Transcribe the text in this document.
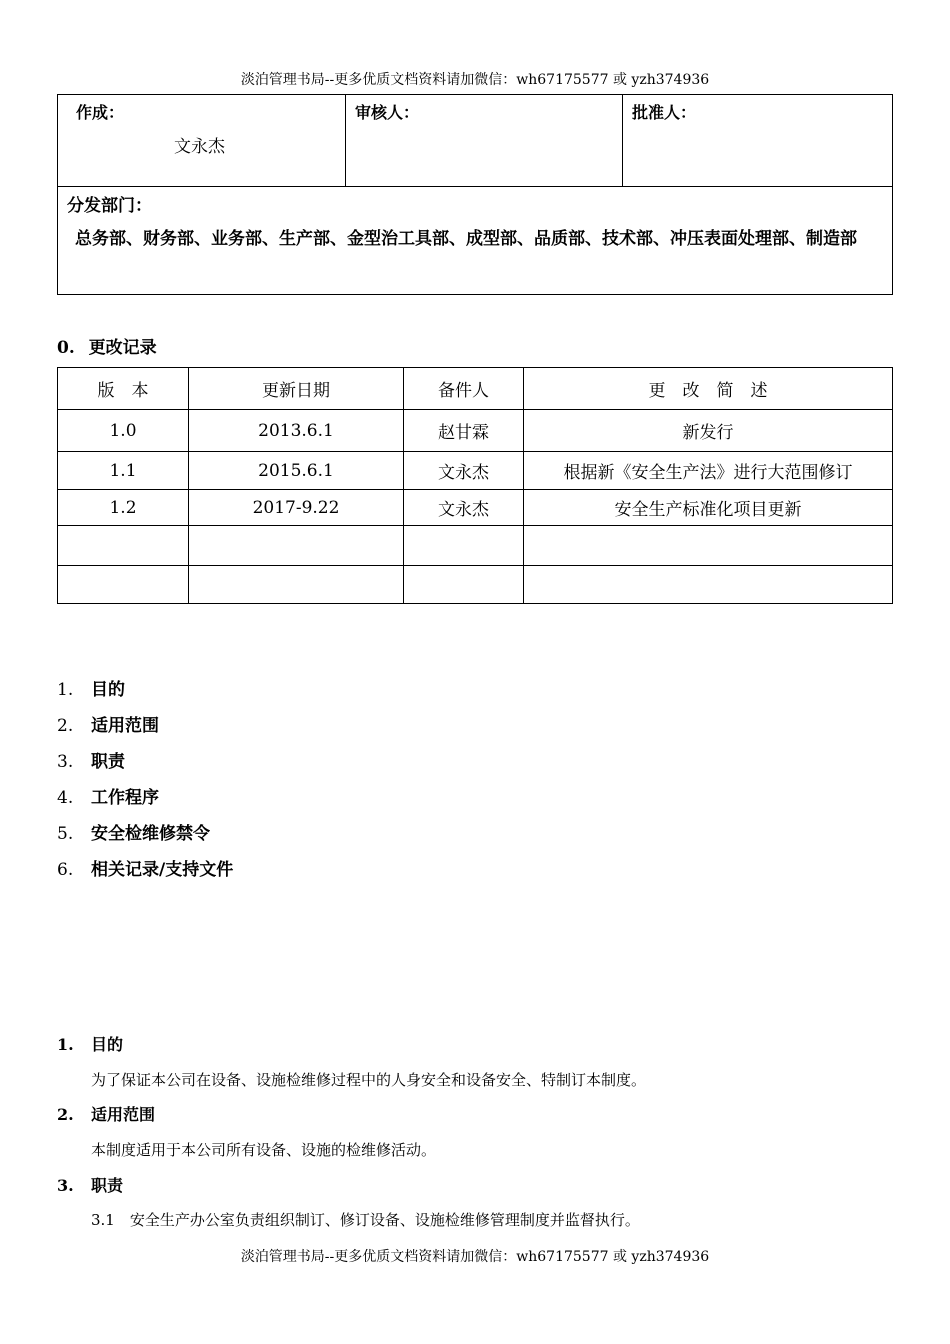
淡泊管理书局--更多优质文档资料请加微信：wh67175577 或 yzh374936
作成：
文永杰

审核人：	批准人：

分发部门：
总务部、财务部、业务部、生产部、金型治工具部、成型部、品质部、技术部、冲压表面处理部、制造部
0. 更改记录
版　本	更新日期	备件人	更　改　简　述
1.0	2013.6.1	赵甘霖	新发行
1.1	2015.6.1	文永杰	根据新《安全生产法》进行大范围修订
1.2	2017-9.22	文永杰	安全生产标准化项目更新

1. 目的
2. 适用范围
3. 职责
4. 工作程序
5. 安全检维修禁令
6. 相关记录/支持文件
1. 目的
为了保证本公司在设备、设施检维修过程中的人身安全和设备安全、特制订本制度。
2. 适用范围
本制度适用于本公司所有设备、设施的检维修活动。
3. 职责
3.1　安全生产办公室负责组织制订、修订设备、设施检维修管理制度并监督执行。
淡泊管理书局--更多优质文档资料请加微信：wh67175577 或 yzh374936
